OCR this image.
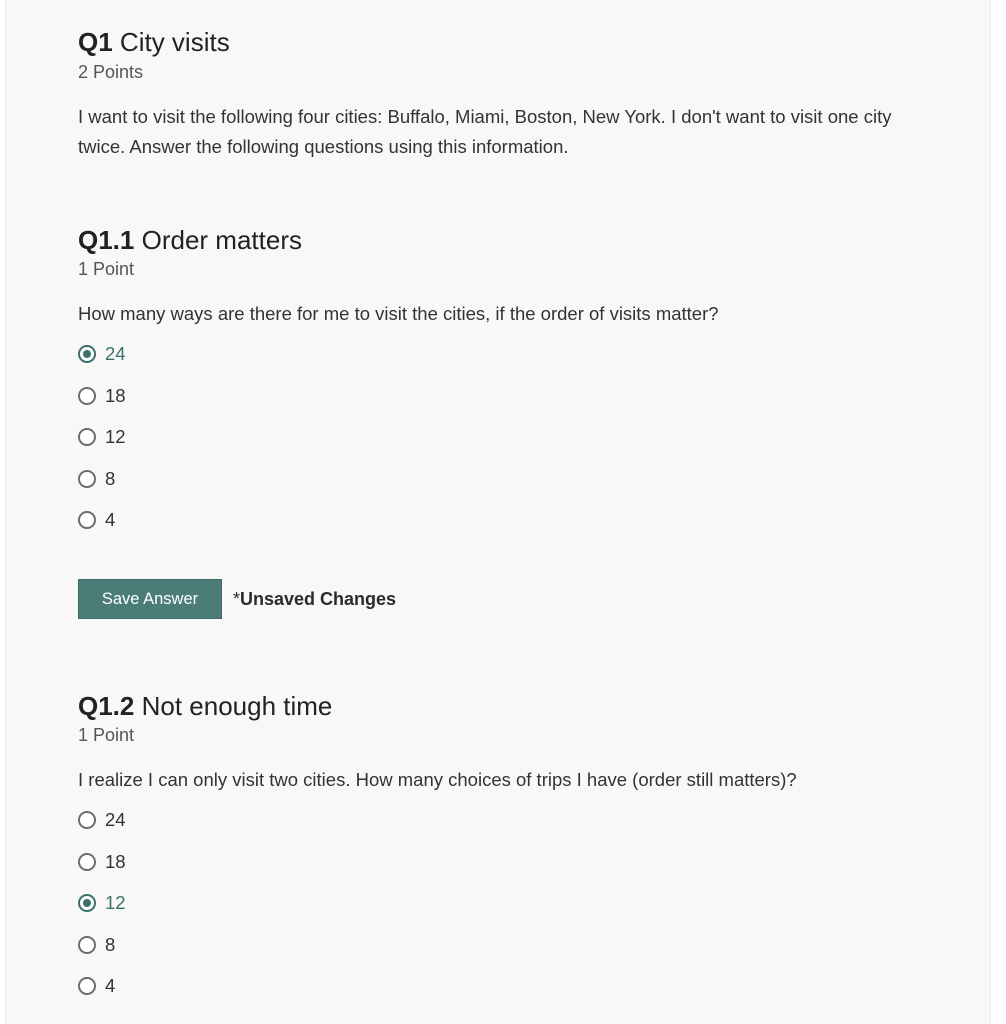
Q1 City visits
2 Points
I want to visit the following four cities: Buffalo, Miami, Boston, New York. I don't want to visit one city twice. Answer the following questions using this information.
Q1.1 Order matters
1 Point
How many ways are there for me to visit the cities, if the order of visits matter?
24
18
12
8
4
Save Answer	*Unsaved Changes
Q1.2 Not enough time
1 Point
I realize I can only visit two cities. How many choices of trips I have (order still matters)?
24
18
12
8
4
